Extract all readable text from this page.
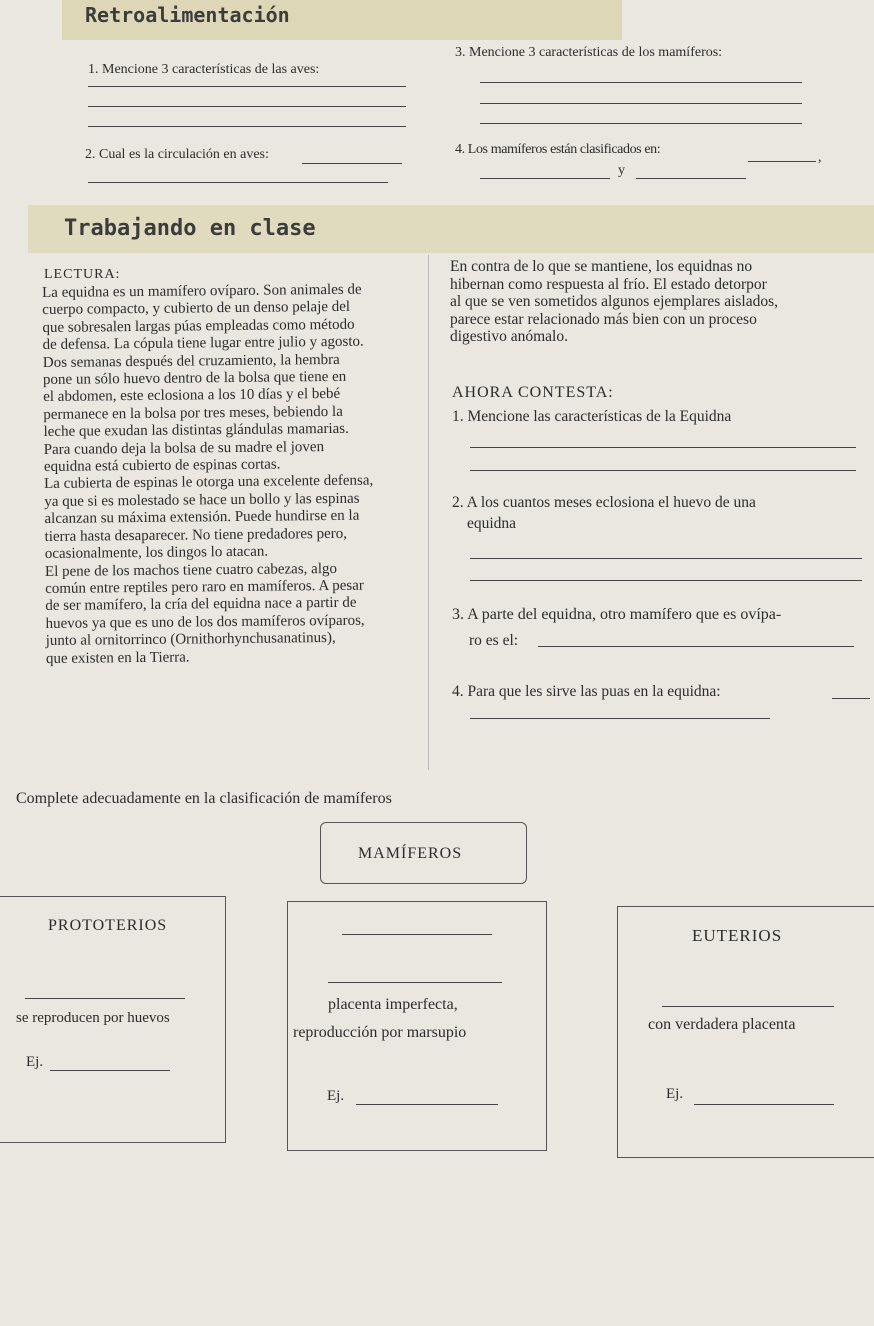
Retroalimentación
1. Mencione 3 características de las aves:
2. Cual es la circulación en aves:
3. Mencione 3 características de los mamíferos:
4. Los mamíferos están clasificados en:
,
y
Trabajando en clase
LECTURA:
La equidna es un mamífero ovíparo. Son animales de
cuerpo compacto, y cubierto de un denso pelaje del
que sobresalen largas púas empleadas como método
de defensa. La cópula tiene lugar entre julio y agosto.
Dos semanas después del cruzamiento, la hembra
pone un sólo huevo dentro de la bolsa que tiene en
el abdomen, este eclosiona a los 10 días y el bebé
permanece en la bolsa por tres meses, bebiendo la
leche que exudan las distintas glándulas mamarias.
Para cuando deja la bolsa de su madre el joven
equidna está cubierto de espinas cortas.
La cubierta de espinas le otorga una excelente defensa,
ya que si es molestado se hace un bollo y las espinas
alcanzan su máxima extensión. Puede hundirse en la
tierra hasta desaparecer. No tiene predadores pero,
ocasionalmente, los dingos lo atacan.
El pene de los machos tiene cuatro cabezas, algo
común entre reptiles pero raro en mamíferos. A pesar
de ser mamífero, la cría del equidna nace a partir de
huevos ya que es uno de los dos mamíferos ovíparos,
junto al ornitorrinco (Ornithorhynchusanatinus),
que existen en la Tierra.
En contra de lo que se mantiene, los equidnas no
hibernan como respuesta al frío. El estado detorpor
al que se ven sometidos algunos ejemplares aislados,
parece estar relacionado más bien con un proceso
digestivo anómalo.
AHORA CONTESTA:
1. Mencione las características de la Equidna
2. A los cuantos meses eclosiona el huevo de una
equidna
3. A parte del equidna, otro mamífero que es ovípa-
ro es el:
4. Para que les sirve las puas en la equidna:
Complete adecuadamente en la clasificación de mamíferos
MAMÍFEROS
PROTOTERIOS
se reproducen por huevos
Ej.
placenta imperfecta,
reproducción por marsupio
Ej.
EUTERIOS
con verdadera placenta
Ej.
